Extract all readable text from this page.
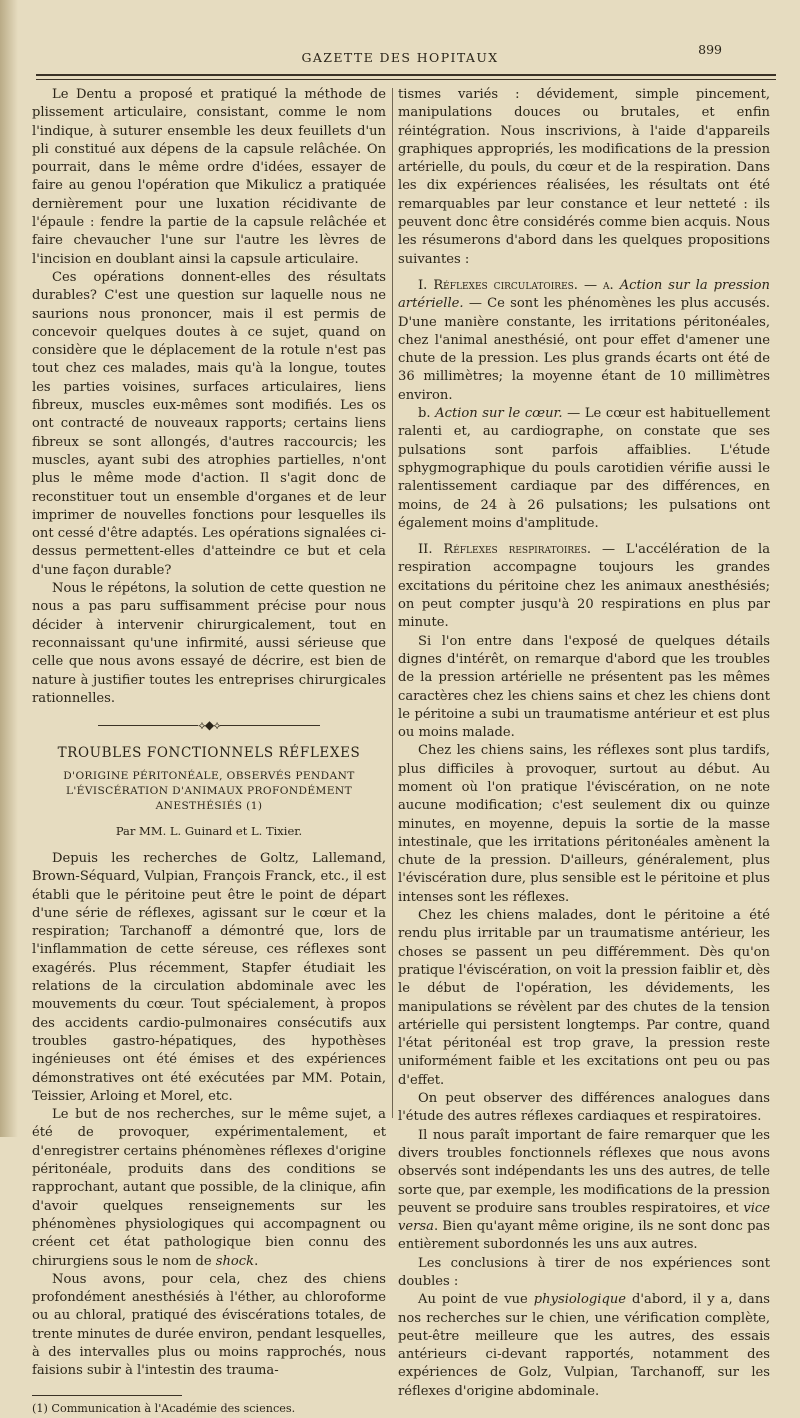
GAZETTE DES HOPITAUX
899

Le Dentu a proposé et pratiqué la méthode de plissement articulaire, consistant, comme le nom l'indique, à suturer ensemble les deux feuillets d'un pli constitué aux dépens de la capsule relâchée. On pourrait, dans le même ordre d'idées, essayer de faire au genou l'opération que Mikulicz a pratiquée dernièrement pour une luxation récidivante de l'épaule : fendre la partie de la capsule relâchée et faire chevaucher l'une sur l'autre les lèvres de l'incision en doublant ainsi la capsule articulaire.

Ces opérations donnent-elles des résultats durables? C'est une question sur laquelle nous ne saurions nous prononcer, mais il est permis de concevoir quelques doutes à ce sujet, quand on considère que le déplacement de la rotule n'est pas tout chez ces malades, mais qu'à la longue, toutes les parties voisines, surfaces articulaires, liens fibreux, muscles eux-mêmes sont modifiés. Les os ont contracté de nouveaux rapports; certains liens fibreux se sont allongés, d'autres raccourcis; les muscles, ayant subi des atrophies partielles, n'ont plus le même mode d'action. Il s'agit donc de reconstituer tout un ensemble d'organes et de leur imprimer de nouvelles fonctions pour lesquelles ils ont cessé d'être adaptés. Les opérations signalées ci-dessus permettent-elles d'atteindre ce but et cela d'une façon durable?

Nous le répétons, la solution de cette question ne nous a pas paru suffisamment précise pour nous décider à intervenir chirurgicalement, tout en reconnaissant qu'une infirmité, aussi sérieuse que celle que nous avons essayé de décrire, est bien de nature à justifier toutes les entreprises chirurgicales rationnelles.

⟡◆⟡
TROUBLES FONCTIONNELS RÉFLEXES
D'ORIGINE PÉRITONÉALE, OBSERVÉS PENDANT L'ÉVISCÉRATION D'ANIMAUX PROFONDÉMENT ANESTHÉSIÉS (1)
Par MM. L. Guinard et L. Tixier.

Depuis les recherches de Goltz, Lallemand, Brown-Séquard, Vulpian, François Franck, etc., il est établi que le péritoine peut être le point de départ d'une série de réflexes, agissant sur le cœur et la respiration; Tarchanoff a démontré que, lors de l'inflammation de cette séreuse, ces réflexes sont exagérés. Plus récemment, Stapfer étudiait les relations de la circulation abdominale avec les mouvements du cœur. Tout spécialement, à propos des accidents cardio-pulmonaires consécutifs aux troubles gastro-hépatiques, des hypothèses ingénieuses ont été émises et des expériences démonstratives ont été exécutées par MM. Potain, Teissier, Arloing et Morel, etc.

Le but de nos recherches, sur le même sujet, a été de provoquer, expérimentalement, et d'enregistrer certains phénomènes réflexes d'origine péritonéale, produits dans des conditions se rapprochant, autant que possible, de la clinique, afin d'avoir quelques renseignements sur les phénomènes physiologiques qui accompagnent ou créent cet état pathologique bien connu des chirurgiens sous le nom de shock.

Nous avons, pour cela, chez des chiens profondément anesthésiés à l'éther, au chloroforme ou au chloral, pratiqué des éviscérations totales, de trente minutes de durée environ, pendant lesquelles, à des intervalles plus ou moins rapprochés, nous faisions subir à l'intestin des trauma-

(1) Communication à l'Académie des sciences.

tismes variés : dévidement, simple pincement, manipulations douces ou brutales, et enfin réintégration. Nous inscrivions, à l'aide d'appareils graphiques appropriés, les modifications de la pression artérielle, du pouls, du cœur et de la respiration. Dans les dix expériences réalisées, les résultats ont été remarquables par leur constance et leur netteté : ils peuvent donc être considérés comme bien acquis. Nous les résumerons d'abord dans les quelques propositions suivantes :

I. Réflexes circulatoires. — a. Action sur la pression artérielle. — Ce sont les phénomènes les plus accusés. D'une manière constante, les irritations péritonéales, chez l'animal anesthésié, ont pour effet d'amener une chute de la pression. Les plus grands écarts ont été de 36 millimètres; la moyenne étant de 10 millimètres environ.

b. Action sur le cœur. — Le cœur est habituellement ralenti et, au cardiographe, on constate que ses pulsations sont parfois affaiblies. L'étude sphygmographique du pouls carotidien vérifie aussi le ralentissement cardiaque par des différences, en moins, de 24 à 26 pulsations; les pulsations ont également moins d'amplitude.

II. Réflexes respiratoires. — L'accélération de la respiration accompagne toujours les grandes excitations du péritoine chez les animaux anesthésiés; on peut compter jusqu'à 20 respirations en plus par minute.

Si l'on entre dans l'exposé de quelques détails dignes d'intérêt, on remarque d'abord que les troubles de la pression artérielle ne présentent pas les mêmes caractères chez les chiens sains et chez les chiens dont le péritoine a subi un traumatisme antérieur et est plus ou moins malade.

Chez les chiens sains, les réflexes sont plus tardifs, plus difficiles à provoquer, surtout au début. Au moment où l'on pratique l'éviscération, on ne note aucune modification; c'est seulement dix ou quinze minutes, en moyenne, depuis la sortie de la masse intestinale, que les irritations péritonéales amènent la chute de la pression. D'ailleurs, généralement, plus l'éviscération dure, plus sensible est le péritoine et plus intenses sont les réflexes.

Chez les chiens malades, dont le péritoine a été rendu plus irritable par un traumatisme antérieur, les choses se passent un peu différemment. Dès qu'on pratique l'éviscération, on voit la pression faiblir et, dès le début de l'opération, les dévidements, les manipulations se révèlent par des chutes de la tension artérielle qui persistent longtemps. Par contre, quand l'état péritonéal est trop grave, la pression reste uniformément faible et les excitations ont peu ou pas d'effet.

On peut observer des différences analogues dans l'étude des autres réflexes cardiaques et respiratoires.

Il nous paraît important de faire remarquer que les divers troubles fonctionnels réflexes que nous avons observés sont indépendants les uns des autres, de telle sorte que, par exemple, les modifications de la pression peuvent se produire sans troubles respiratoires, et vice versa. Bien qu'ayant même origine, ils ne sont donc pas entièrement subordonnés les uns aux autres.

Les conclusions à tirer de nos expériences sont doubles :

Au point de vue physiologique d'abord, il y a, dans nos recherches sur le chien, une vérification complète, peut-être meilleure que les autres, des essais antérieurs ci-devant rapportés, notamment des expériences de Golz, Vulpian, Tarchanoff, sur les réflexes d'origine abdominale.
